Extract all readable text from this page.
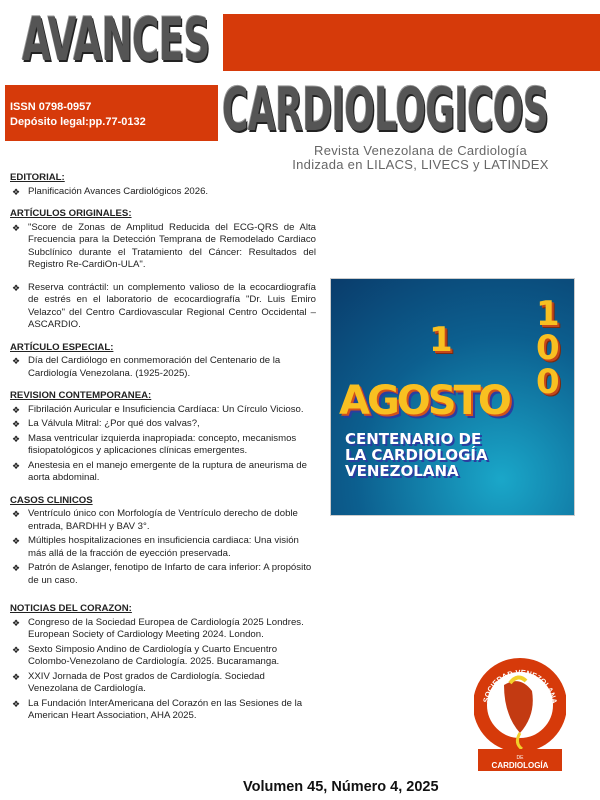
AVANCES
ISSN 0798-0957
Depósito legal:pp.77-0132 CARDIOLOGICOS
Revista Venezolana de Cardiología
Indizada en LILACS, LIVECS y LATINDEX
EDITORIAL:
❖ Planificación Avances Cardiológicos 2026.
ARTÍCULOS ORIGINALES:
❖ "Score de Zonas de Amplitud Reducida del ECG-QRS de Alta Frecuencia para la Detección Temprana de Remodelado Cardiaco Subclínico durante el Tratamiento del Cáncer: Resultados del Registro Re-CardiOn-ULA".
❖ Reserva contráctil: un complemento valioso de la ecocardiografía de estrés en el laboratorio de ecocardiografía "Dr. Luis Emiro Velazco" del Centro Cardiovascular Regional Centro Occidental – ASCARDIO.
ARTÍCULO ESPECIAL:
❖ Día del Cardiólogo en conmemoración del Centenario de la Cardiología Venezolana. (1925-2025).
REVISION CONTEMPORANEA:
❖ Fibrilación Auricular e Insuficiencia Cardíaca: Un Círculo Vicioso.
❖ La Válvula Mitral: ¿Por qué dos valvas?,
❖ Masa ventricular izquierda inapropiada: concepto, mecanismos fisiopatológicos y aplicaciones clínicas emergentes.
❖ Anestesia en el manejo emergente de la ruptura de aneurisma de aorta abdominal.
CASOS CLINICOS
❖ Ventrículo único con Morfología de Ventrículo derecho de doble entrada, BARDHH y BAV 3°.
❖ Múltiples hospitalizaciones en insuficiencia cardiaca: Una visión más allá de la fracción de eyección preservada.
❖ Patrón de Aslanger, fenotipo de Infarto de cara inferior: A propósito de un caso.
NOTICIAS DEL CORAZON:
❖ Congreso de la Sociedad Europea de Cardiología 2025 Londres. European Society of Cardiology Meeting 2024. London.
❖ Sexto Simposio Andino de Cardiología y Cuarto Encuentro Colombo-Venezolano de Cardiología. 2025. Bucaramanga.
❖ XXIV Jornada de Post grados de Cardiología. Sociedad Venezolana de Cardiología.
❖ La Fundación InterAmericana del Corazón en las Sesiones de la American Heart Association, AHA 2025.
1
100
AGOSTO
CENTENARIO DE
LA CARDIOLOGÍA
VENEZOLANA
DE
CARDIOLOGÍA
SOCIEDAD VENEZOLANA
Volumen 45, Número 4, 2025
